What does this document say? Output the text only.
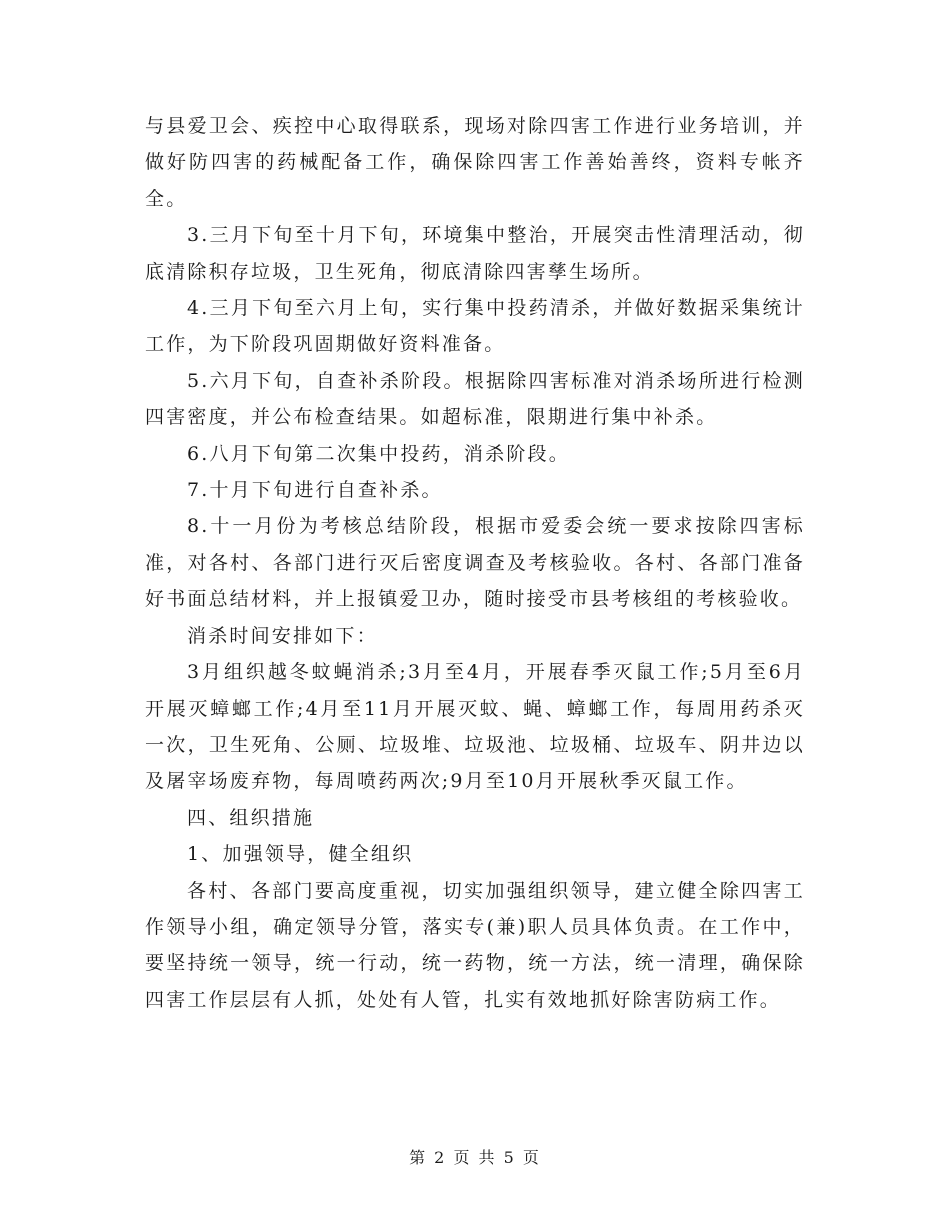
与县爱卫会、疾控中心取得联系，现场对除四害工作进行业务培训，并做好防四害的药械配备工作，确保除四害工作善始善终，资料专帐齐全。

3.三月下旬至十月下旬，环境集中整治，开展突击性清理活动，彻底清除积存垃圾，卫生死角，彻底清除四害孳生场所。

4.三月下旬至六月上旬，实行集中投药清杀，并做好数据采集统计工作，为下阶段巩固期做好资料准备。

5.六月下旬，自查补杀阶段。根据除四害标准对消杀场所进行检测四害密度，并公布检查结果。如超标准，限期进行集中补杀。

6.八月下旬第二次集中投药，消杀阶段。

7.十月下旬进行自查补杀。

8.十一月份为考核总结阶段，根据市爱委会统一要求按除四害标准，对各村、各部门进行灭后密度调查及考核验收。各村、各部门准备好书面总结材料，并上报镇爱卫办，随时接受市县考核组的考核验收。

消杀时间安排如下：

3月组织越冬蚊蝇消杀;3月至4月，开展春季灭鼠工作;5月至6月开展灭蟑螂工作;4月至11月开展灭蚊、蝇、蟑螂工作，每周用药杀灭一次，卫生死角、公厕、垃圾堆、垃圾池、垃圾桶、垃圾车、阴井边以及屠宰场废弃物，每周喷药两次;9月至10月开展秋季灭鼠工作。

四、组织措施

1、加强领导，健全组织

各村、各部门要高度重视，切实加强组织领导，建立健全除四害工作领导小组，确定领导分管，落实专(兼)职人员具体负责。在工作中，要坚持统一领导，统一行动，统一药物，统一方法，统一清理，确保除四害工作层层有人抓，处处有人管，扎实有效地抓好除害防病工作。

第 2 页 共 5 页
